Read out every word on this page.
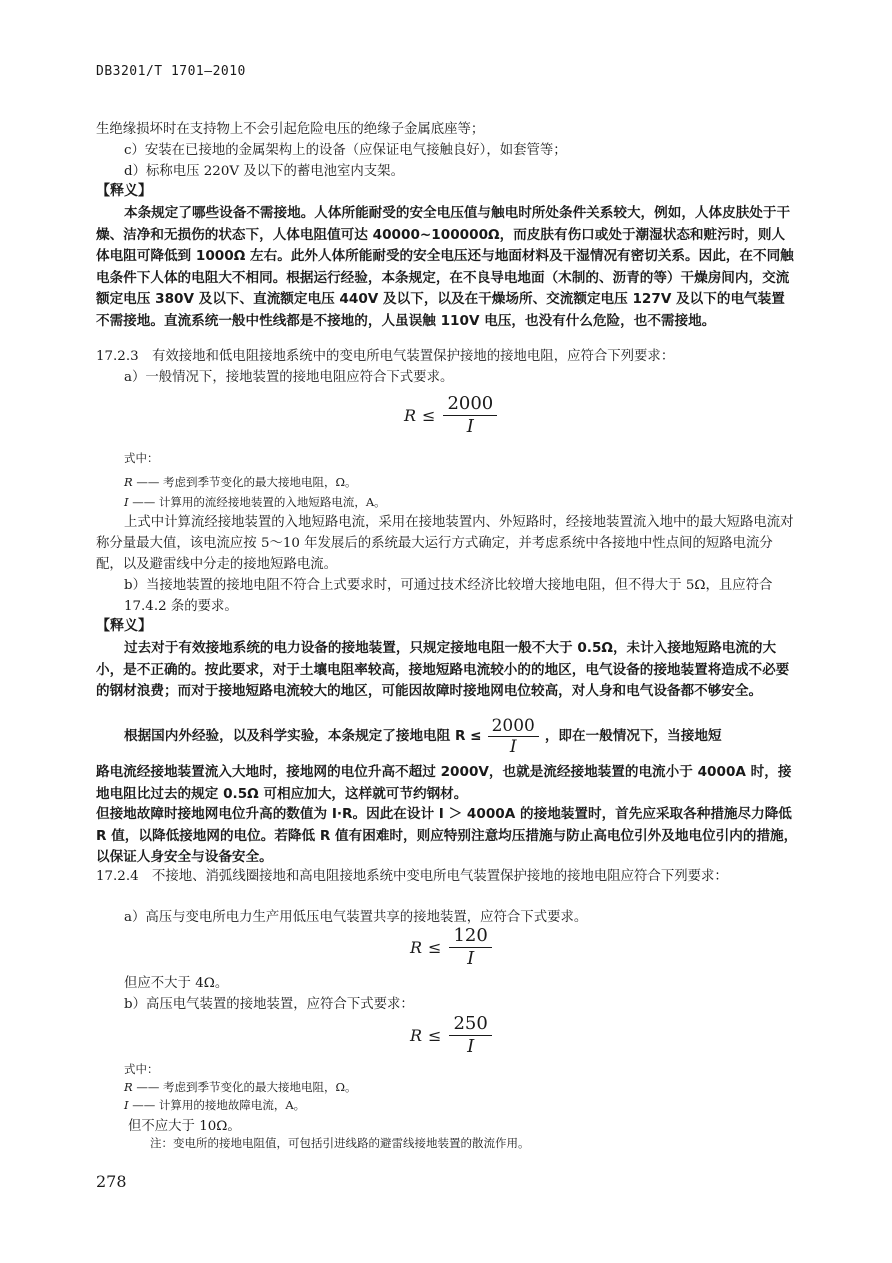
DB3201/T 1701—2010
生绝缘损坏时在支持物上不会引起危险电压的绝缘子金属底座等；
c）安装在已接地的金属架构上的设备（应保证电气接触良好），如套管等；
d）标称电压 220V 及以下的蓄电池室内支架。
【释义】
本条规定了哪些设备不需接地。人体所能耐受的安全电压值与触电时所处条件关系较大，例如，人体皮肤处于干燥、洁净和无损伤的状态下，人体电阻值可达 40000~100000Ω，而皮肤有伤口或处于潮湿状态和赃污时，则人体电阻可降低到 1000Ω 左右。此外人体所能耐受的安全电压还与地面材料及干湿情况有密切关系。因此，在不同触电条件下人体的电阻大不相同。根据运行经验，本条规定，在不良导电地面（木制的、沥青的等）干燥房间内，交流额定电压 380V 及以下、直流额定电压 440V 及以下，以及在干燥场所、交流额定电压 127V 及以下的电气装置不需接地。直流系统一般中性线都是不接地的，人虽误触 110V 电压，也没有什么危险，也不需接地。
17.2.3　有效接地和低电阻接地系统中的变电所电气装置保护接地的接地电阻，应符合下列要求：
a）一般情况下，接地装置的接地电阻应符合下式要求。
$R \le \frac{2000}{I}$
式中：
R —— 考虑到季节变化的最大接地电阻，Ω。
I —— 计算用的流经接地装置的入地短路电流，A。
上式中计算流经接地装置的入地短路电流，采用在接地装置内、外短路时，经接地装置流入地中的最大短路电流对称分量最大值，该电流应按 5～10 年发展后的系统最大运行方式确定，并考虑系统中各接地中性点间的短路电流分配，以及避雷线中分走的接地短路电流。
b）当接地装置的接地电阻不符合上式要求时，可通过技术经济比较增大接地电阻，但不得大于 5Ω，且应符合 17.4.2 条的要求。
【释义】
过去对于有效接地系统的电力设备的接地装置，只规定接地电阻一般不大于 0.5Ω，未计入接地短路电流的大小，是不正确的。按此要求，对于土壤电阻率较高，接地短路电流较小的的地区，电气设备的接地装置将造成不必要的钢材浪费；而对于接地短路电流较大的地区，可能因故障时接地网电位较高，对人身和电气设备都不够安全。
根据国内外经验，以及科学实验，本条规定了接地电阻 $R \le \frac{2000}{I}$ ，即在一般情况下，当接地短
路电流经接地装置流入大地时，接地网的电位升高不超过 2000V，也就是流经接地装置的电流小于 4000A 时，接地电阻比过去的规定 0.5Ω 可相应加大，这样就可节约钢材。
但接地故障时接地网电位升高的数值为 I·R。因此在设计 I ＞ 4000A 的接地装置时，首先应采取各种措施尽力降低 R 值，以降低接地网的电位。若降低 R 值有困难时，则应特别注意均压措施与防止高电位引外及地电位引内的措施，以保证人身安全与设备安全。
17.2.4　不接地、消弧线圈接地和高电阻接地系统中变电所电气装置保护接地的接地电阻应符合下列要求：
a）高压与变电所电力生产用低压电气装置共享的接地装置，应符合下式要求。
$R \le \frac{120}{I}$
但应不大于 4Ω。
b）高压电气装置的接地装置，应符合下式要求：
$R \le \frac{250}{I}$
式中：
R —— 考虑到季节变化的最大接地电阻，Ω。
I —— 计算用的接地故障电流，A。
但不应大于 10Ω。
注：变电所的接地电阻值，可包括引进线路的避雷线接地装置的散流作用。
278
